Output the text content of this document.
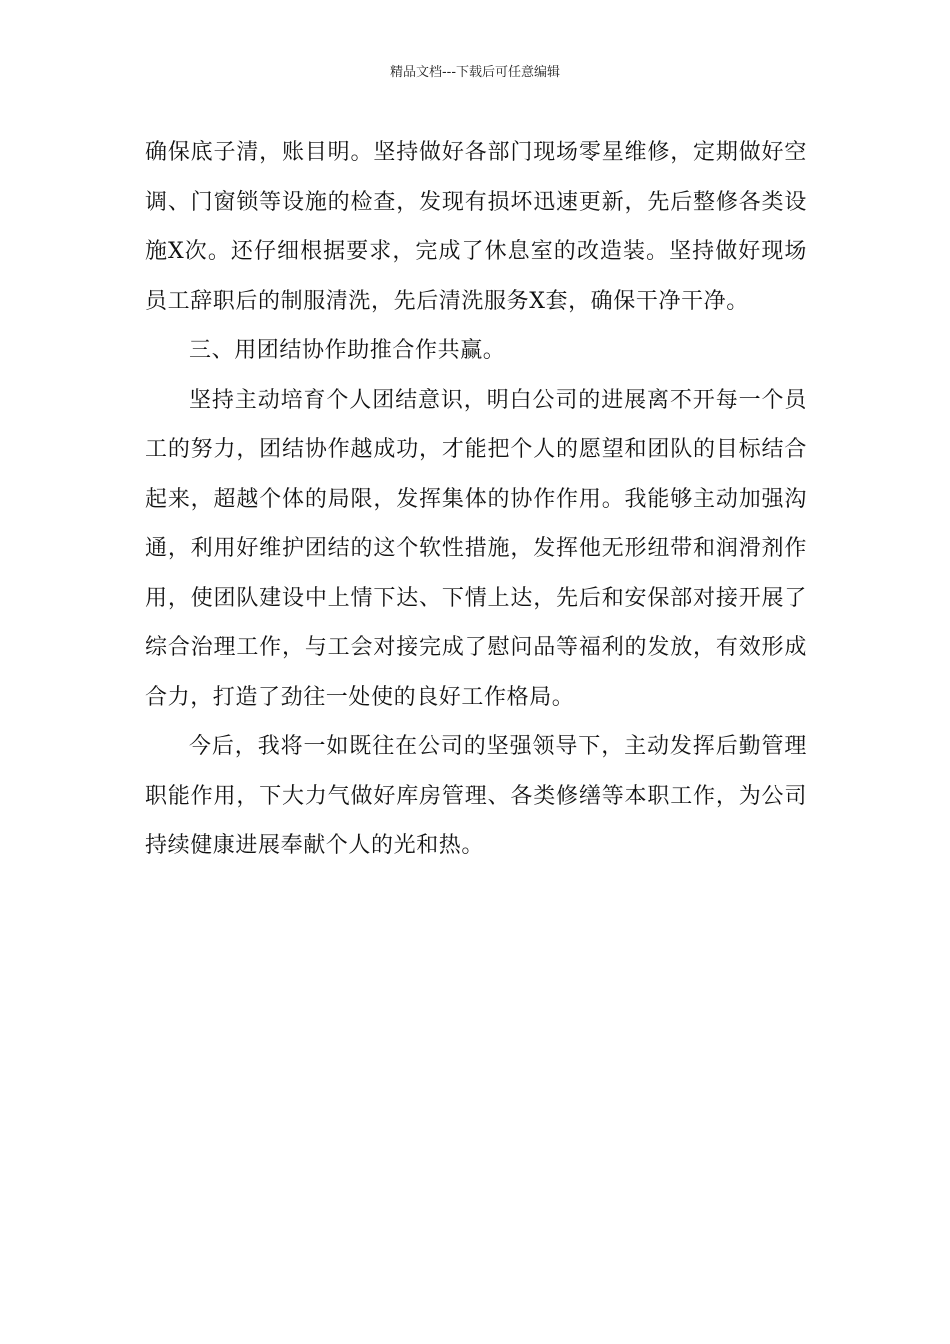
精品文档---下载后可任意编辑
确保底子清，账目明。坚持做好各部门现场零星维修，定期做好空
调、门窗锁等设施的检查，发现有损坏迅速更新，先后整修各类设
施X次。还仔细根据要求，完成了休息室的改造装。坚持做好现场
员工辞职后的制服清洗，先后清洗服务X套，确保干净干净。
三、用团结协作助推合作共赢。
坚持主动培育个人团结意识，明白公司的进展离不开每一个员
工的努力，团结协作越成功，才能把个人的愿望和团队的目标结合
起来，超越个体的局限，发挥集体的协作作用。我能够主动加强沟
通，利用好维护团结的这个软性措施，发挥他无形纽带和润滑剂作
用，使团队建设中上情下达、下情上达，先后和安保部对接开展了
综合治理工作，与工会对接完成了慰问品等福利的发放，有效形成
合力，打造了劲往一处使的良好工作格局。
今后，我将一如既往在公司的坚强领导下，主动发挥后勤管理
职能作用，下大力气做好库房管理、各类修缮等本职工作，为公司
持续健康进展奉献个人的光和热。
